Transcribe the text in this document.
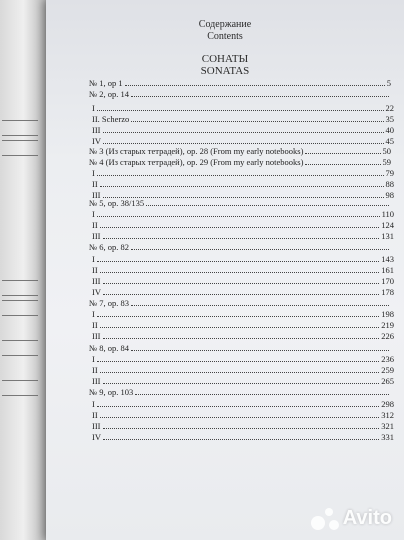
Содержание
Contents
СОНАТЫ
SONATAS
№ 1, op 1	5
№ 2, op. 14
I	22
II. Scherzo	35
III	40
IV	45
№ 3 (Из старых тетрадей), op. 28 (From my early notebooks)	50
№ 4 (Из старых тетрадей), op. 29 (From my early notebooks)	59
I	79
II	88
III	98
№ 5, op. 38/135
I	110
II	124
III	131
№ 6, op. 82
I	143
II	161
III	170
IV	178
№ 7, op. 83
I	198
II	219
III	226
№ 8, op. 84
I	236
II	259
III	265
№ 9, op. 103
I	298
II	312
III	321
IV	331
Avito
